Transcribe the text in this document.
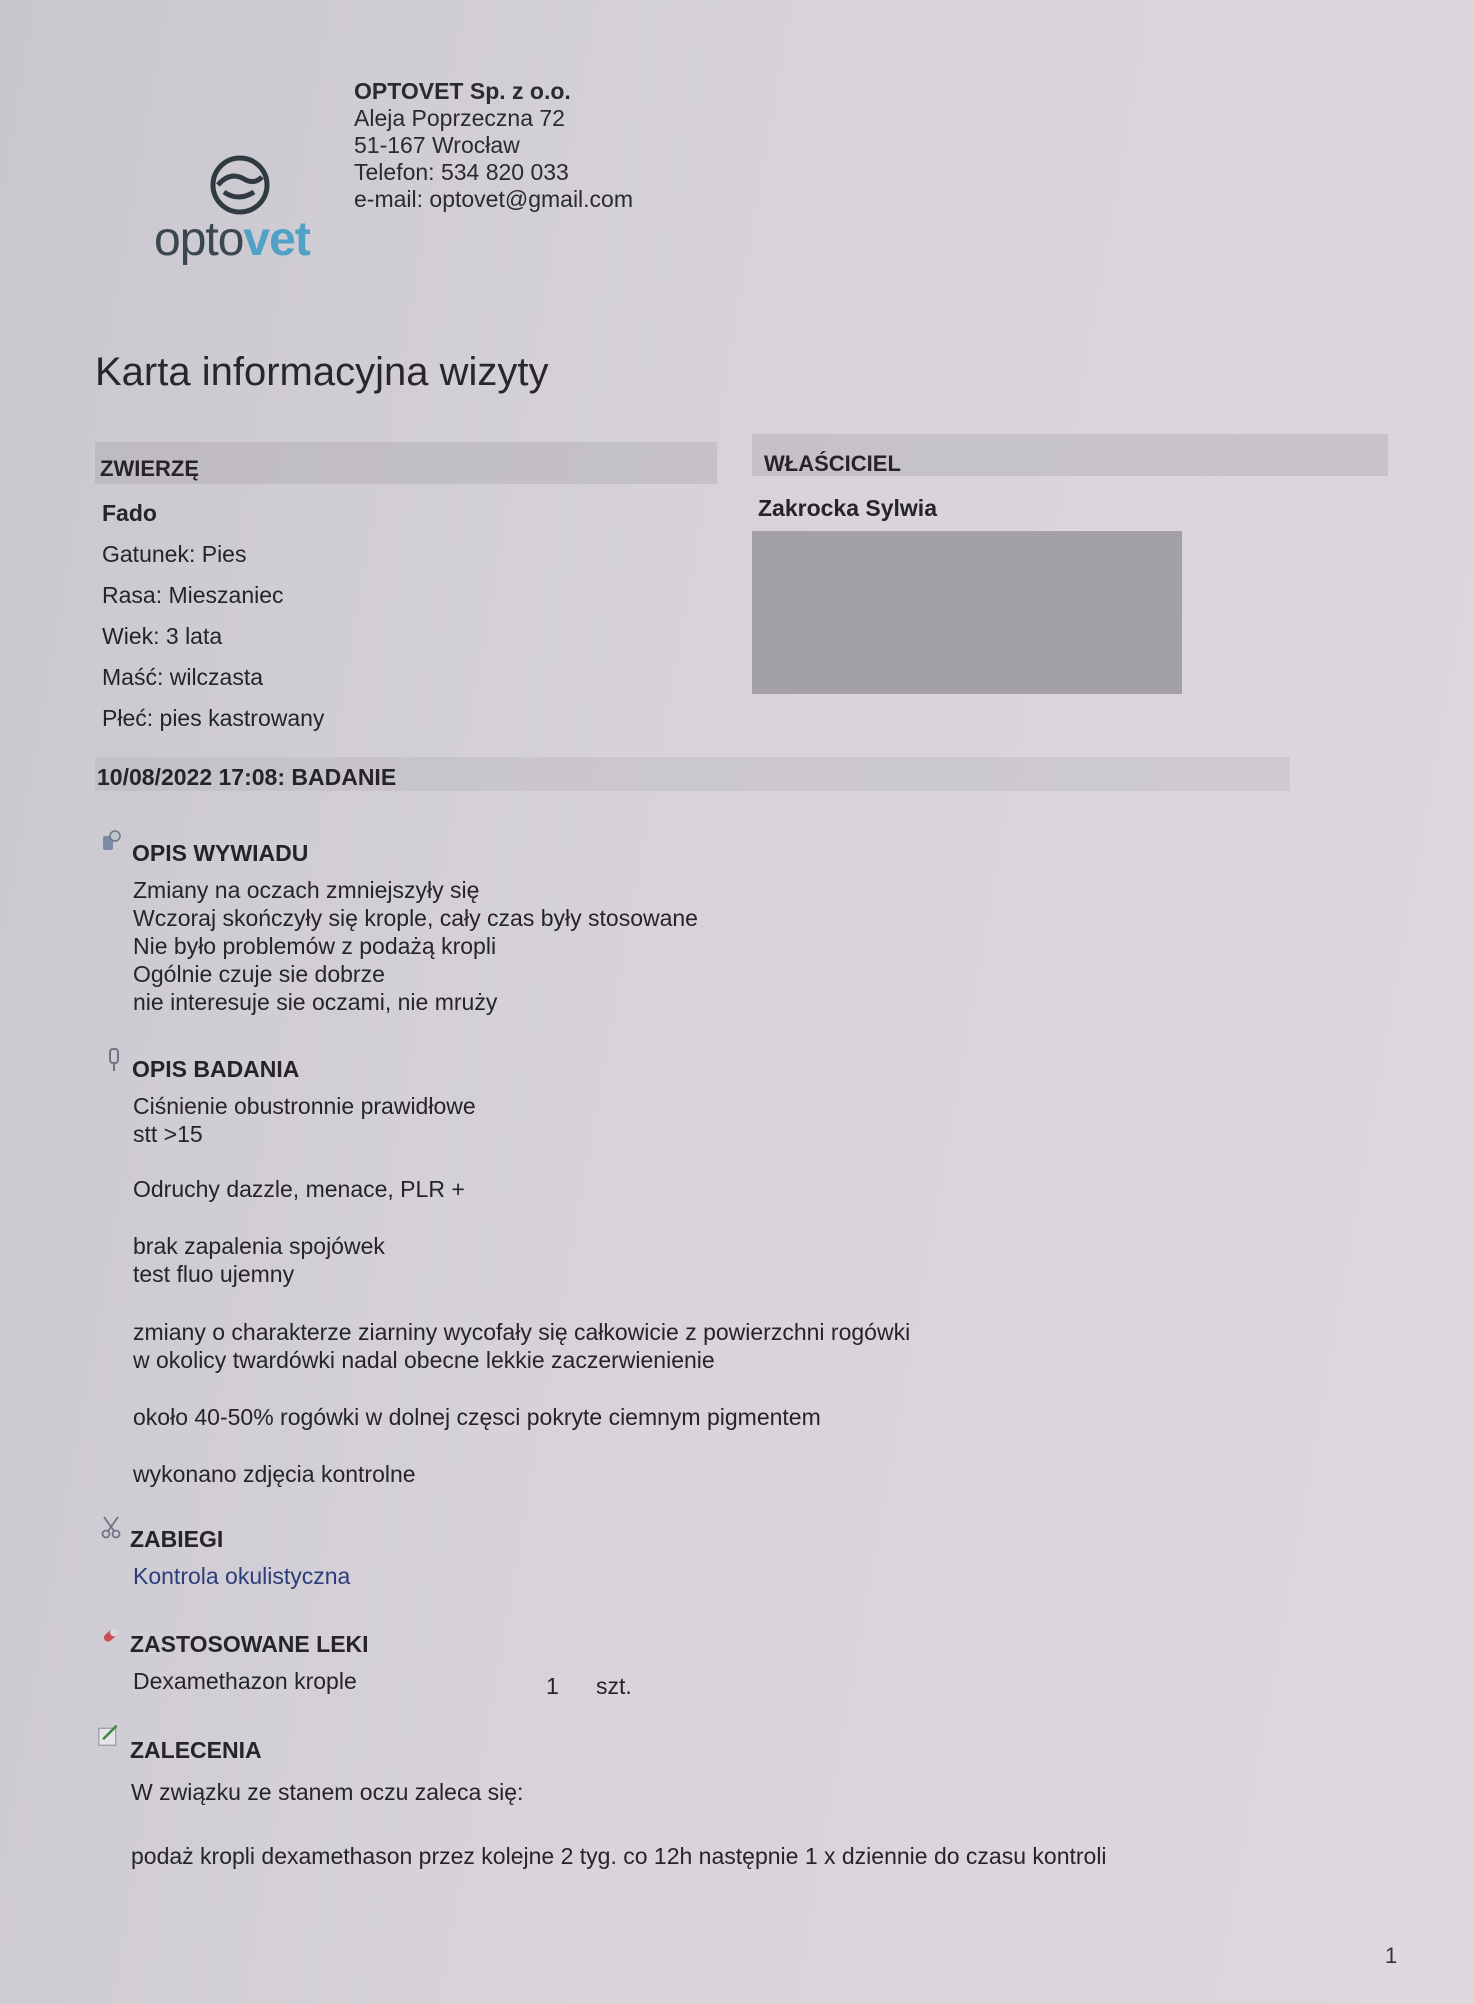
optovet
OPTOVET Sp. z o.o.
Aleja Poprzeczna 72
51-167 Wrocław
Telefon: 534 820 033
e-mail: optovet@gmail.com
Karta informacyjna wizyty
ZWIERZĘ
Fado
Gatunek: Pies
Rasa: Mieszaniec
Wiek: 3 lata
Maść: wilczasta
Płeć: pies kastrowany
WŁAŚCICIEL
Zakrocka Sylwia
10/08/2022 17:08: BADANIE
OPIS WYWIADU
Zmiany na oczach zmniejszyły się
Wczoraj skończyły się krople, cały czas były stosowane
Nie było problemów z podażą kropli
Ogólnie czuje sie dobrze
nie interesuje sie oczami, nie mruży
OPIS BADANIA
Ciśnienie obustronnie prawidłowe
stt >15
Odruchy dazzle, menace, PLR +
brak zapalenia spojówek
test fluo ujemny
zmiany o charakterze ziarniny wycofały się całkowicie z powierzchni rogówki
w okolicy twardówki nadal obecne lekkie zaczerwienienie
około 40-50% rogówki w dolnej częsci pokryte ciemnym pigmentem
wykonano zdjęcia kontrolne
ZABIEGI
Kontrola okulistyczna
ZASTOSOWANE LEKI
Dexamethazon krople	1 szt.
ZALECENIA
W związku ze stanem oczu zaleca się:
podaż kropli dexamethason przez kolejne 2 tyg. co 12h następnie 1 x dziennie do czasu kontroli
1
